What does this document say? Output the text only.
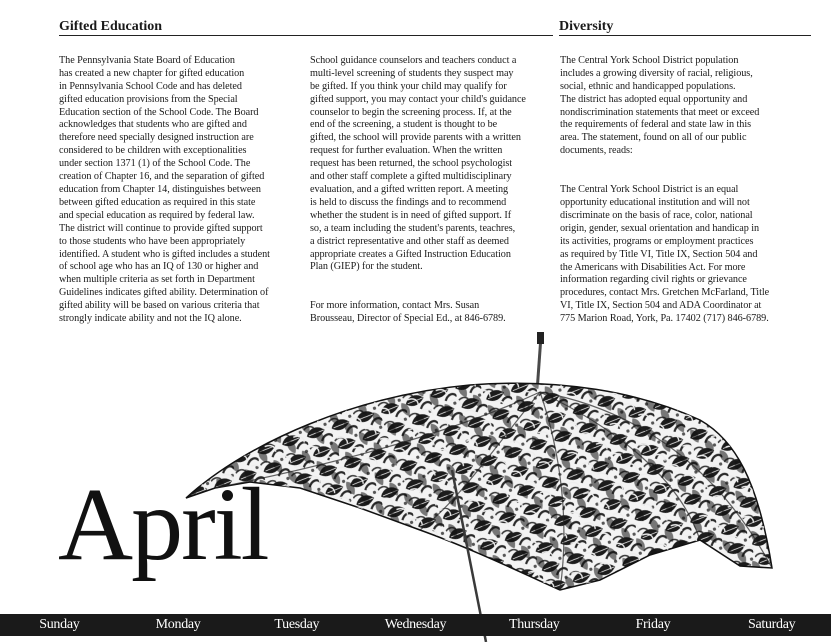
Gifted Education	Diversity

The Pennsylvania State Board of Education
has created a new chapter for gifted education
in Pennsylvania School Code and has deleted
gifted education provisions from the Special
Education section of the School Code. The Board
acknowledges that students who are gifted and
therefore need specially designed instruction are
considered to be children with exceptionalities
under section 1371 (1) of the School Code. The
creation of Chapter 16, and the separation of gifted
education from Chapter 14, distinguishes between
between gifted education as required in this state
and special education as required by federal law.
The district will continue to provide gifted support
to those students who have been appropriately
identified. A student who is gifted includes a student
of school age who has an IQ of 130 or higher and
when multiple criteria as set forth in Department
Guidelines indicates gifted ability. Determination of
gifted ability will be based on various criteria that
strongly indicate ability and not the IQ alone.

School guidance counselors and teachers conduct a
multi-level screening of students they suspect may
be gifted. If you think your child may qualify for
gifted support, you may contact your child's guidance
counselor to begin the screening process. If, at the
end of the screening, a student is thought to be
gifted, the school will provide parents with a written
request for further evaluation. When the written
request has been returned, the school psychologist
and other staff complete a gifted multidisciplinary
evaluation, and a gifted written report. A meeting
is held to discuss the findings and to recommend
whether the student is in need of gifted support. If
so, a team including the student's parents, teachres,
a district representative and other staff as deemed
appropriate creates a Gifted Instruction Education
Plan (GIEP) for the student.

For more information, contact Mrs. Susan
Brousseau, Director of Special Ed., at 846-6789.

The Central York School District population
includes a growing diversity of racial, religious,
social, ethnic and handicapped populations.
The district has adopted equal opportunity and
nondiscrimination statements that meet or exceed
the requirements of federal and state law in this
area. The statement, found on all of our public
documents, reads:

The Central York School District is an equal
opportunity educational institution and will not
discriminate on the basis of race, color, national
origin, gender, sexual orientation and handicap in
its activities, programs or employment practices
as required by Title VI, Title IX, Section 504 and
the Americans with Disabilities Act. For more
information regarding civil rights or grievance
procedures, contact Mrs. Gretchen McFarland, Title
VI, Title IX, Section 504 and ADA Coordinator at
775 Marion Road, York, Pa. 17402 (717) 846-6789.

April
Sunday	Monday	Tuesday	Wednesday	Thursday	Friday	Saturday
